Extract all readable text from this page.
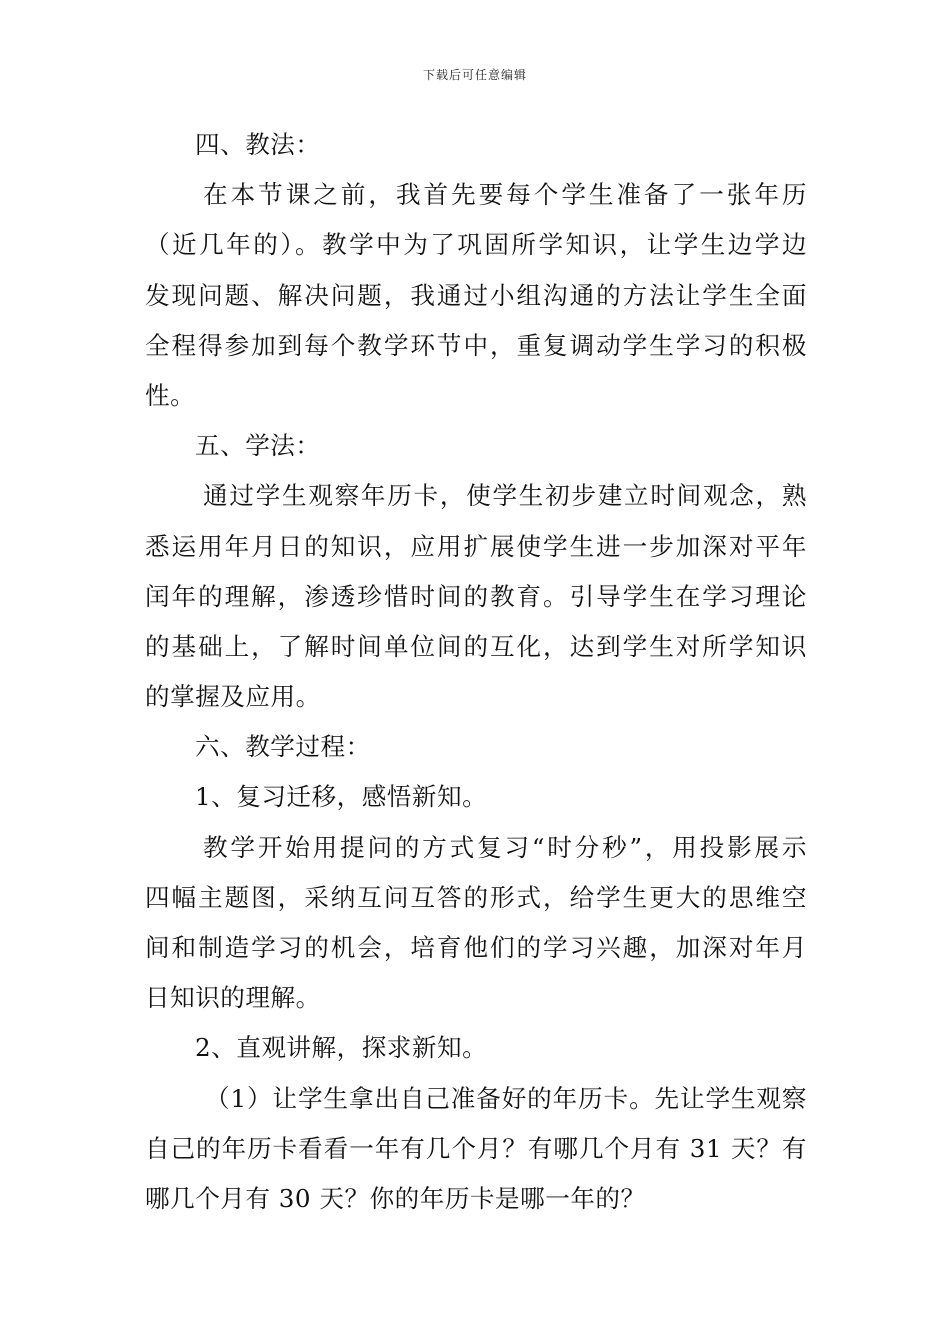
下载后可任意编辑
四、教法：
在本节课之前，我首先要每个学生准备了一张年历
（近几年的）。教学中为了巩固所学知识，让学生边学边
发现问题、解决问题，我通过小组沟通的方法让学生全面
全程得参加到每个教学环节中，重复调动学生学习的积极
性。
五、学法：
通过学生观察年历卡，使学生初步建立时间观念，熟
悉运用年月日的知识，应用扩展使学生进一步加深对平年
闰年的理解，渗透珍惜时间的教育。引导学生在学习理论
的基础上，了解时间单位间的互化，达到学生对所学知识
的掌握及应用。
六、教学过程：
1、复习迁移，感悟新知。
教学开始用提问的方式复习“时分秒”，用投影展示
四幅主题图，采纳互问互答的形式，给学生更大的思维空
间和制造学习的机会，培育他们的学习兴趣，加深对年月
日知识的理解。
2、直观讲解，探求新知。
（1）让学生拿出自己准备好的年历卡。先让学生观察
自己的年历卡看看一年有几个月？有哪几个月有 31 天？有
哪几个月有 30 天？你的年历卡是哪一年的？
